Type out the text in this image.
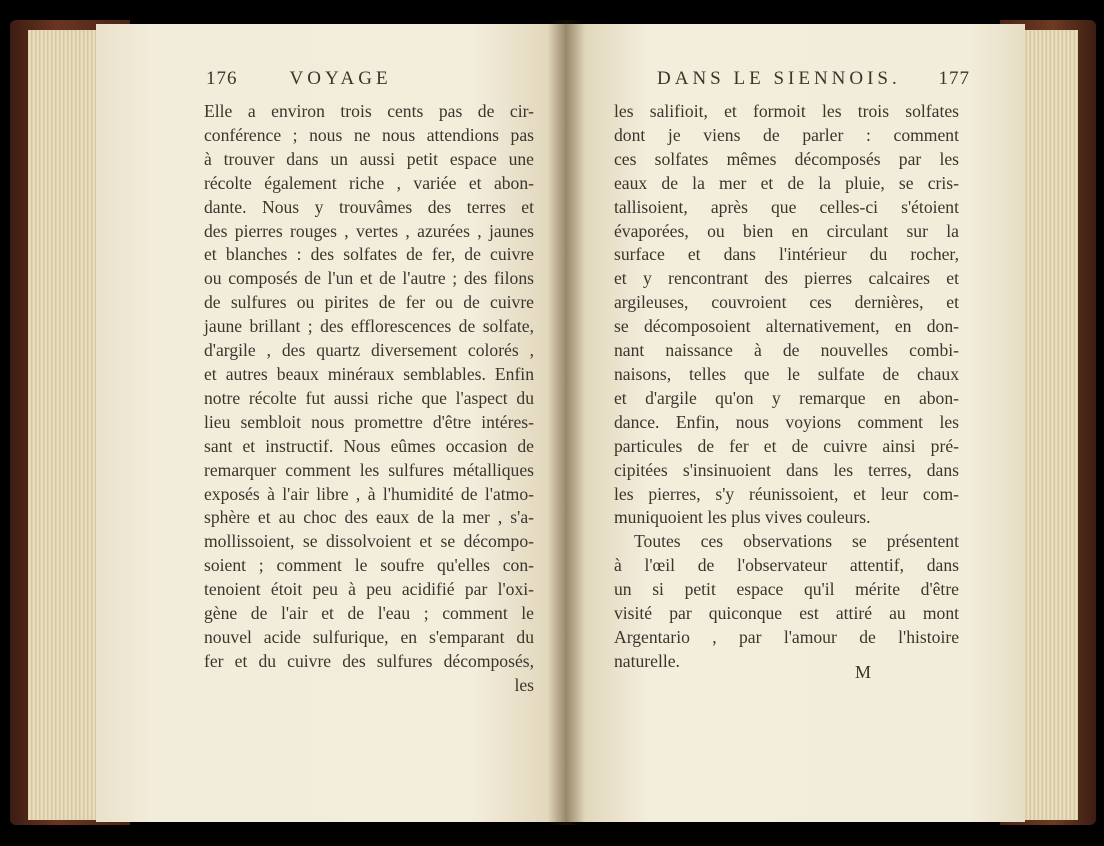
176	VOYAGE
Elle a environ trois cents pas de cir-
conférence ; nous ne nous attendions pas
à trouver dans un aussi petit espace une
récolte également riche , variée et abon-
dante. Nous y trouvâmes des terres et
des pierres rouges , vertes , azurées , jaunes
et blanches : des solfates de fer, de cuivre
ou composés de l'un et de l'autre ; des filons
de sulfures ou pirites de fer ou de cuivre
jaune brillant ; des efflorescences de solfate,
d'argile , des quartz diversement colorés ,
et autres beaux minéraux semblables. Enfin
notre récolte fut aussi riche que l'aspect du
lieu sembloit nous promettre d'être intéres-
sant et instructif. Nous eûmes occasion de
remarquer comment les sulfures métalliques
exposés à l'air libre , à l'humidité de l'atmo-
sphère et au choc des eaux de la mer , s'a-
mollissoient, se dissolvoient et se décompo-
soient ; comment le soufre qu'elles con-
tenoient étoit peu à peu acidifié par l'oxi-
gène de l'air et de l'eau ; comment le
nouvel acide sulfurique, en s'emparant du
fer et du cuivre des sulfures décomposés,
les
DANS LE SIENNOIS. 177
les salifioit, et formoit les trois solfates
dont je viens de parler : comment
ces solfates mêmes décomposés par les
eaux de la mer et de la pluie, se cris-
tallisoient, après que celles-ci s'étoient
évaporées, ou bien en circulant sur la
surface et dans l'intérieur du rocher,
et y rencontrant des pierres calcaires et
argileuses, couvroient ces dernières, et
se décomposoient alternativement, en don-
nant naissance à de nouvelles combi-
naisons, telles que le sulfate de chaux
et d'argile qu'on y remarque en abon-
dance. Enfin, nous voyions comment les
particules de fer et de cuivre ainsi pré-
cipitées s'insinuoient dans les terres, dans
les pierres, s'y réunissoient, et leur com-
muniquoient les plus vives couleurs.
Toutes ces observations se présentent
à l'œil de l'observateur attentif, dans
un si petit espace qu'il mérite d'être
visité par quiconque est attiré au mont
Argentario , par l'amour de l'histoire
naturelle.
M
